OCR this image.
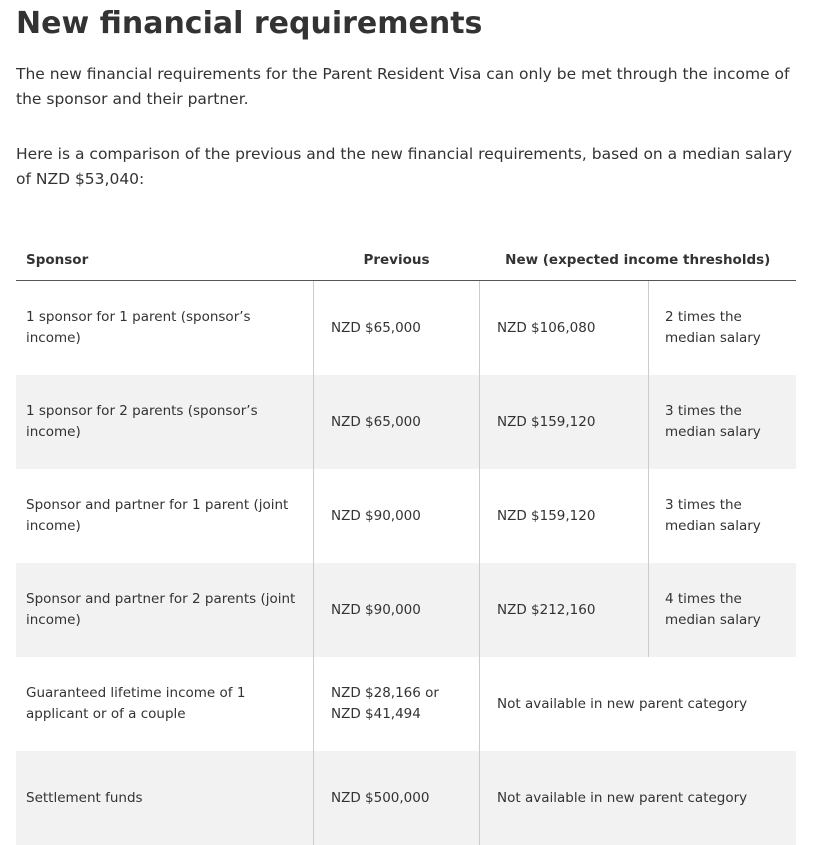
New financial requirements

The new financial requirements for the Parent Resident Visa can only be met through the income of the sponsor and their partner.

Here is a comparison of the previous and the new financial requirements, based on a median salary of NZD $53,040:

Sponsor	Previous	New (expected income thresholds)	
1 sponsor for 1 parent (sponsor’s income)	NZD $65,000	NZD $106,080	2 times the median salary
1 sponsor for 2 parents (sponsor’s income)	NZD $65,000	NZD $159,120	3 times the median salary
Sponsor and partner for 1 parent (joint income)	NZD $90,000	NZD $159,120	3 times the median salary
Sponsor and partner for 2 parents (joint income)	NZD $90,000	NZD $212,160	4 times the median salary
Guaranteed lifetime income of 1 applicant or of a couple	NZD $28,166 or
NZD $41,494	Not available in new parent category	
Settlement funds	NZD $500,000	Not available in new parent category	
